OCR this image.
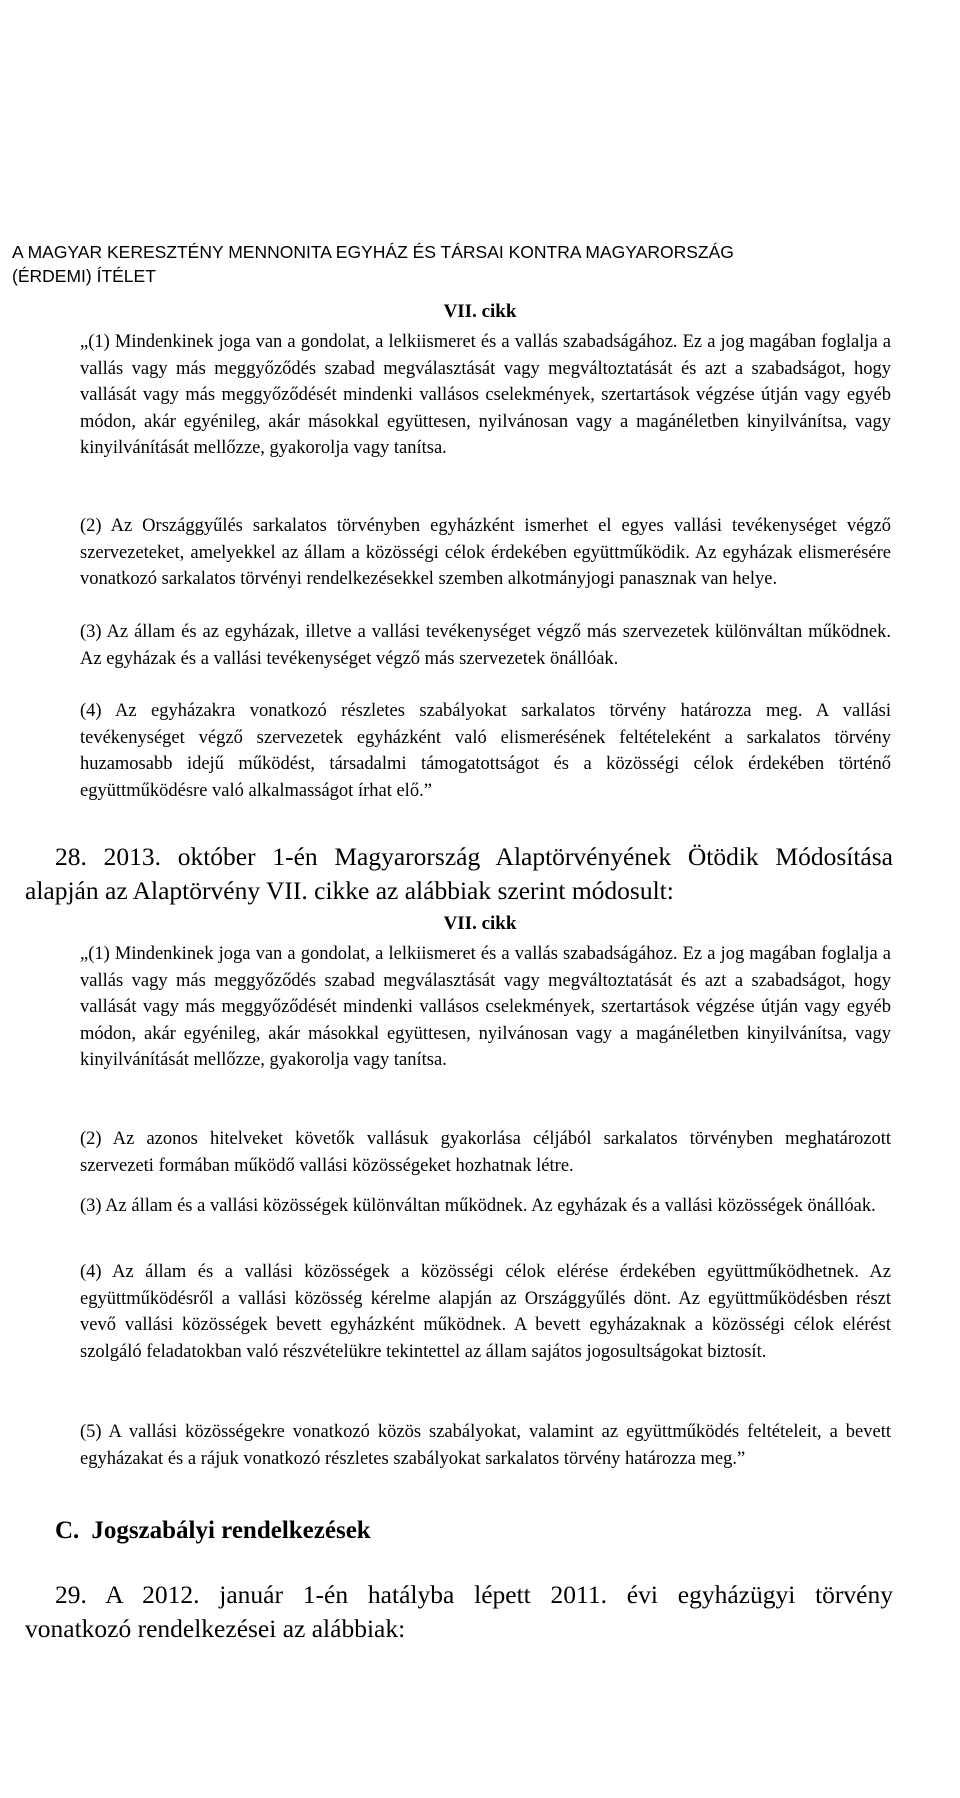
A MAGYAR KERESZTÉNY MENNONITA EGYHÁZ ÉS TÁRSAI KONTRA MAGYARORSZÁG
(ÉRDEMI) ÍTÉLET
VII. cikk

„(1) Mindenkinek joga van a gondolat, a lelkiismeret és a vallás szabadságához. Ez a jog magában foglalja a vallás vagy más meggyőződés szabad megválasztását vagy megváltoztatását és azt a szabadságot, hogy vallását vagy más meggyőződését mindenki vallásos cselekmények, szertartások végzése útján vagy egyéb módon, akár egyénileg, akár másokkal együttesen, nyilvánosan vagy a magánéletben kinyilvánítsa, vagy kinyilvánítását mellőzze, gyakorolja vagy tanítsa.

(2) Az Országgyűlés sarkalatos törvényben egyházként ismerhet el egyes vallási tevékenységet végző szervezeteket, amelyekkel az állam a közösségi célok érdekében együttműködik. Az egyházak elismerésére vonatkozó sarkalatos törvényi rendelkezésekkel szemben alkotmányjogi panasznak van helye.

(3) Az állam és az egyházak, illetve a vallási tevékenységet végző más szervezetek különváltan működnek. Az egyházak és a vallási tevékenységet végző más szervezetek önállóak.

(4) Az egyházakra vonatkozó részletes szabályokat sarkalatos törvény határozza meg. A vallási tevékenységet végző szervezetek egyházként való elismerésének feltételeként a sarkalatos törvény huzamosabb idejű működést, társadalmi támogatottságot és a közösségi célok érdekében történő együttműködésre való alkalmasságot írhat elő.”

28. 2013. október 1-én Magyarország Alaptörvényének Ötödik Módosítása
alapján az Alaptörvény VII. cikke az alábbiak szerint módosult:
VII. cikk

„(1) Mindenkinek joga van a gondolat, a lelkiismeret és a vallás szabadságához. Ez a jog magában foglalja a vallás vagy más meggyőződés szabad megválasztását vagy megváltoztatását és azt a szabadságot, hogy vallását vagy más meggyőződését mindenki vallásos cselekmények, szertartások végzése útján vagy egyéb módon, akár egyénileg, akár másokkal együttesen, nyilvánosan vagy a magánéletben kinyilvánítsa, vagy kinyilvánítását mellőzze, gyakorolja vagy tanítsa.

(2) Az azonos hitelveket követők vallásuk gyakorlása céljából sarkalatos törvényben meghatározott szervezeti formában működő vallási közösségeket hozhatnak létre.

(3) Az állam és a vallási közösségek különváltan működnek. Az egyházak és a vallási közösségek önállóak.

(4) Az állam és a vallási közösségek a közösségi célok elérése érdekében együttműködhetnek. Az együttműködésről a vallási közösség kérelme alapján az Országgyűlés dönt. Az együttműködésben részt vevő vallási közösségek bevett egyházként működnek. A bevett egyházaknak a közösségi célok elérést szolgáló feladatokban való részvételükre tekintettel az állam sajátos jogosultságokat biztosít.

(5) A vallási közösségekre vonatkozó közös szabályokat, valamint az együttműködés feltételeit, a bevett egyházakat és a rájuk vonatkozó részletes szabályokat sarkalatos törvény határozza meg.”

C. Jogszabályi rendelkezések
29. A 2012. január 1-én hatályba lépett 2011. évi egyházügyi törvény
vonatkozó rendelkezései az alábbiak:
